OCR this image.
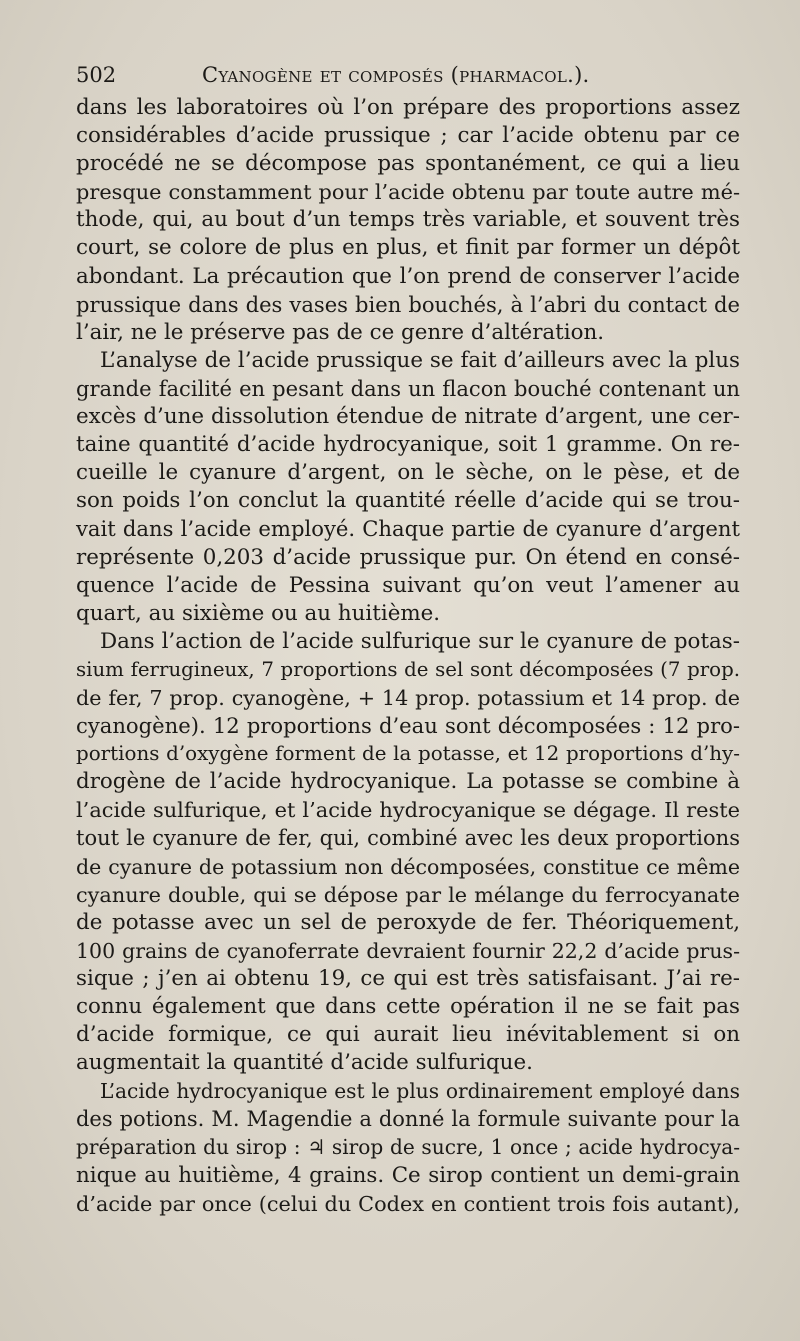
502	Cyanogène et composés (pharmacol.).

dans les laboratoires où l’on prépare des proportions assez
considérables d’acide prussique ; car l’acide obtenu par ce
procédé ne se décompose pas spontanément, ce qui a lieu
presque constamment pour l’acide obtenu par toute autre mé-
thode, qui, au bout d’un temps très variable, et souvent très
court, se colore de plus en plus, et finit par former un dépôt
abondant. La précaution que l’on prend de conserver l’acide
prussique dans des vases bien bouchés, à l’abri du contact de
l’air, ne le préserve pas de ce genre d’altération.

L’analyse de l’acide prussique se fait d’ailleurs avec la plus
grande facilité en pesant dans un flacon bouché contenant un
excès d’une dissolution étendue de nitrate d’argent, une cer-
taine quantité d’acide hydrocyanique, soit 1 gramme. On re-
cueille le cyanure d’argent, on le sèche, on le pèse, et de
son poids l’on conclut la quantité réelle d’acide qui se trou-
vait dans l’acide employé. Chaque partie de cyanure d’argent
représente 0,203 d’acide prussique pur. On étend en consé-
quence l’acide de Pessina suivant qu’on veut l’amener au
quart, au sixième ou au huitième.

Dans l’action de l’acide sulfurique sur le cyanure de potas-
sium ferrugineux, 7 proportions de sel sont décomposées (7 prop.
de fer, 7 prop. cyanogène, + 14 prop. potassium et 14 prop. de
cyanogène). 12 proportions d’eau sont décomposées : 12 pro-
portions d’oxygène forment de la potasse, et 12 proportions d’hy-
drogène de l’acide hydrocyanique. La potasse se combine à
l’acide sulfurique, et l’acide hydrocyanique se dégage. Il reste
tout le cyanure de fer, qui, combiné avec les deux proportions
de cyanure de potassium non décomposées, constitue ce même
cyanure double, qui se dépose par le mélange du ferrocyanate
de potasse avec un sel de peroxyde de fer. Théoriquement,
100 grains de cyanoferrate devraient fournir 22,2 d’acide prus-
sique ; j’en ai obtenu 19, ce qui est très satisfaisant. J’ai re-
connu également que dans cette opération il ne se fait pas
d’acide formique, ce qui aurait lieu inévitablement si on
augmentait la quantité d’acide sulfurique.

L’acide hydrocyanique est le plus ordinairement employé dans
des potions. M. Magendie a donné la formule suivante pour la
préparation du sirop : ♃ sirop de sucre, 1 once ; acide hydrocya-
nique au huitième, 4 grains. Ce sirop contient un demi-grain
d’acide par once (celui du Codex en contient trois fois autant),
